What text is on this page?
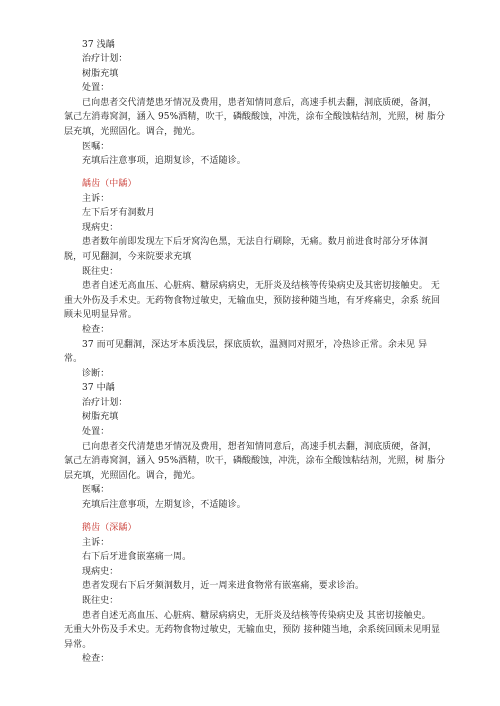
37 浅龋
治疗计划：
树脂充填
处置：
已向患者交代清楚患牙情况及费用，患者知情同意后，高速手机去翻，洞底质硬，备洞，
氯己左消毒窝洞，涵入 95%酒精，吹干，磷酸酸蚀，冲洗，涂布全酸蚀粘结剂，光照，树 脂分
层充填，光照固化。调合，抛光。
医嘱：
充填后注意事项，追期复诊，不适随诊。
龋齿（中龋）
主诉：
左下后牙有洞数月
现病史：
患者数年前即发现左下后牙窝沟色黑，无法自行刷除，无痛。数月前进食时部分牙体洞
脱，可见翻洞，今来院要求充填
既往史：
患者自述无高血压、心脏病、糖尿病病史，无肝炎及结核等传染病史及其密切接触史。 无
重大外伤及手术史。无药物食物过敏史，无输血史，预防接种随当地，有牙疼痛史，余系 统回
顾未见明显异常。
检查：
37 而可见翻洞，深达牙本质浅层，探底质软，温测同对照牙，冷热诊正常。余未见 异
常。
诊断：
37 中龋
治疗计划：
树脂充填
处置：
已向患者交代清楚患牙情况及费用，想者知情同意后，高速手机去翻，洞底质硬，备洞，
氯己左消毒窝洞，涵入 95%酒精，吹干，磷酸酸蚀，冲洗，涂布全酸蚀粘结剂，光照，树 脂分
层充填，光照固化。调合，抛光。
医嘱：
充填后注意事项，左期复诊，不适随诊。
鹅齿（深龋）
主诉：
右下后牙进食嵌塞痛一周。
现病史：
患者发现右下后牙频洞数月，近一周来进食物常有嵌塞痛，要求诊治。
既往史：
患者自述无高血压、心脏病、糖尿病病史，无肝炎及结核等传染病史及 其密切接触史。
无重大外伤及手术史。无药物食物过敏史，无输血史，预防 接种随当地，余系统回顾未见明显
异常。
检查：
